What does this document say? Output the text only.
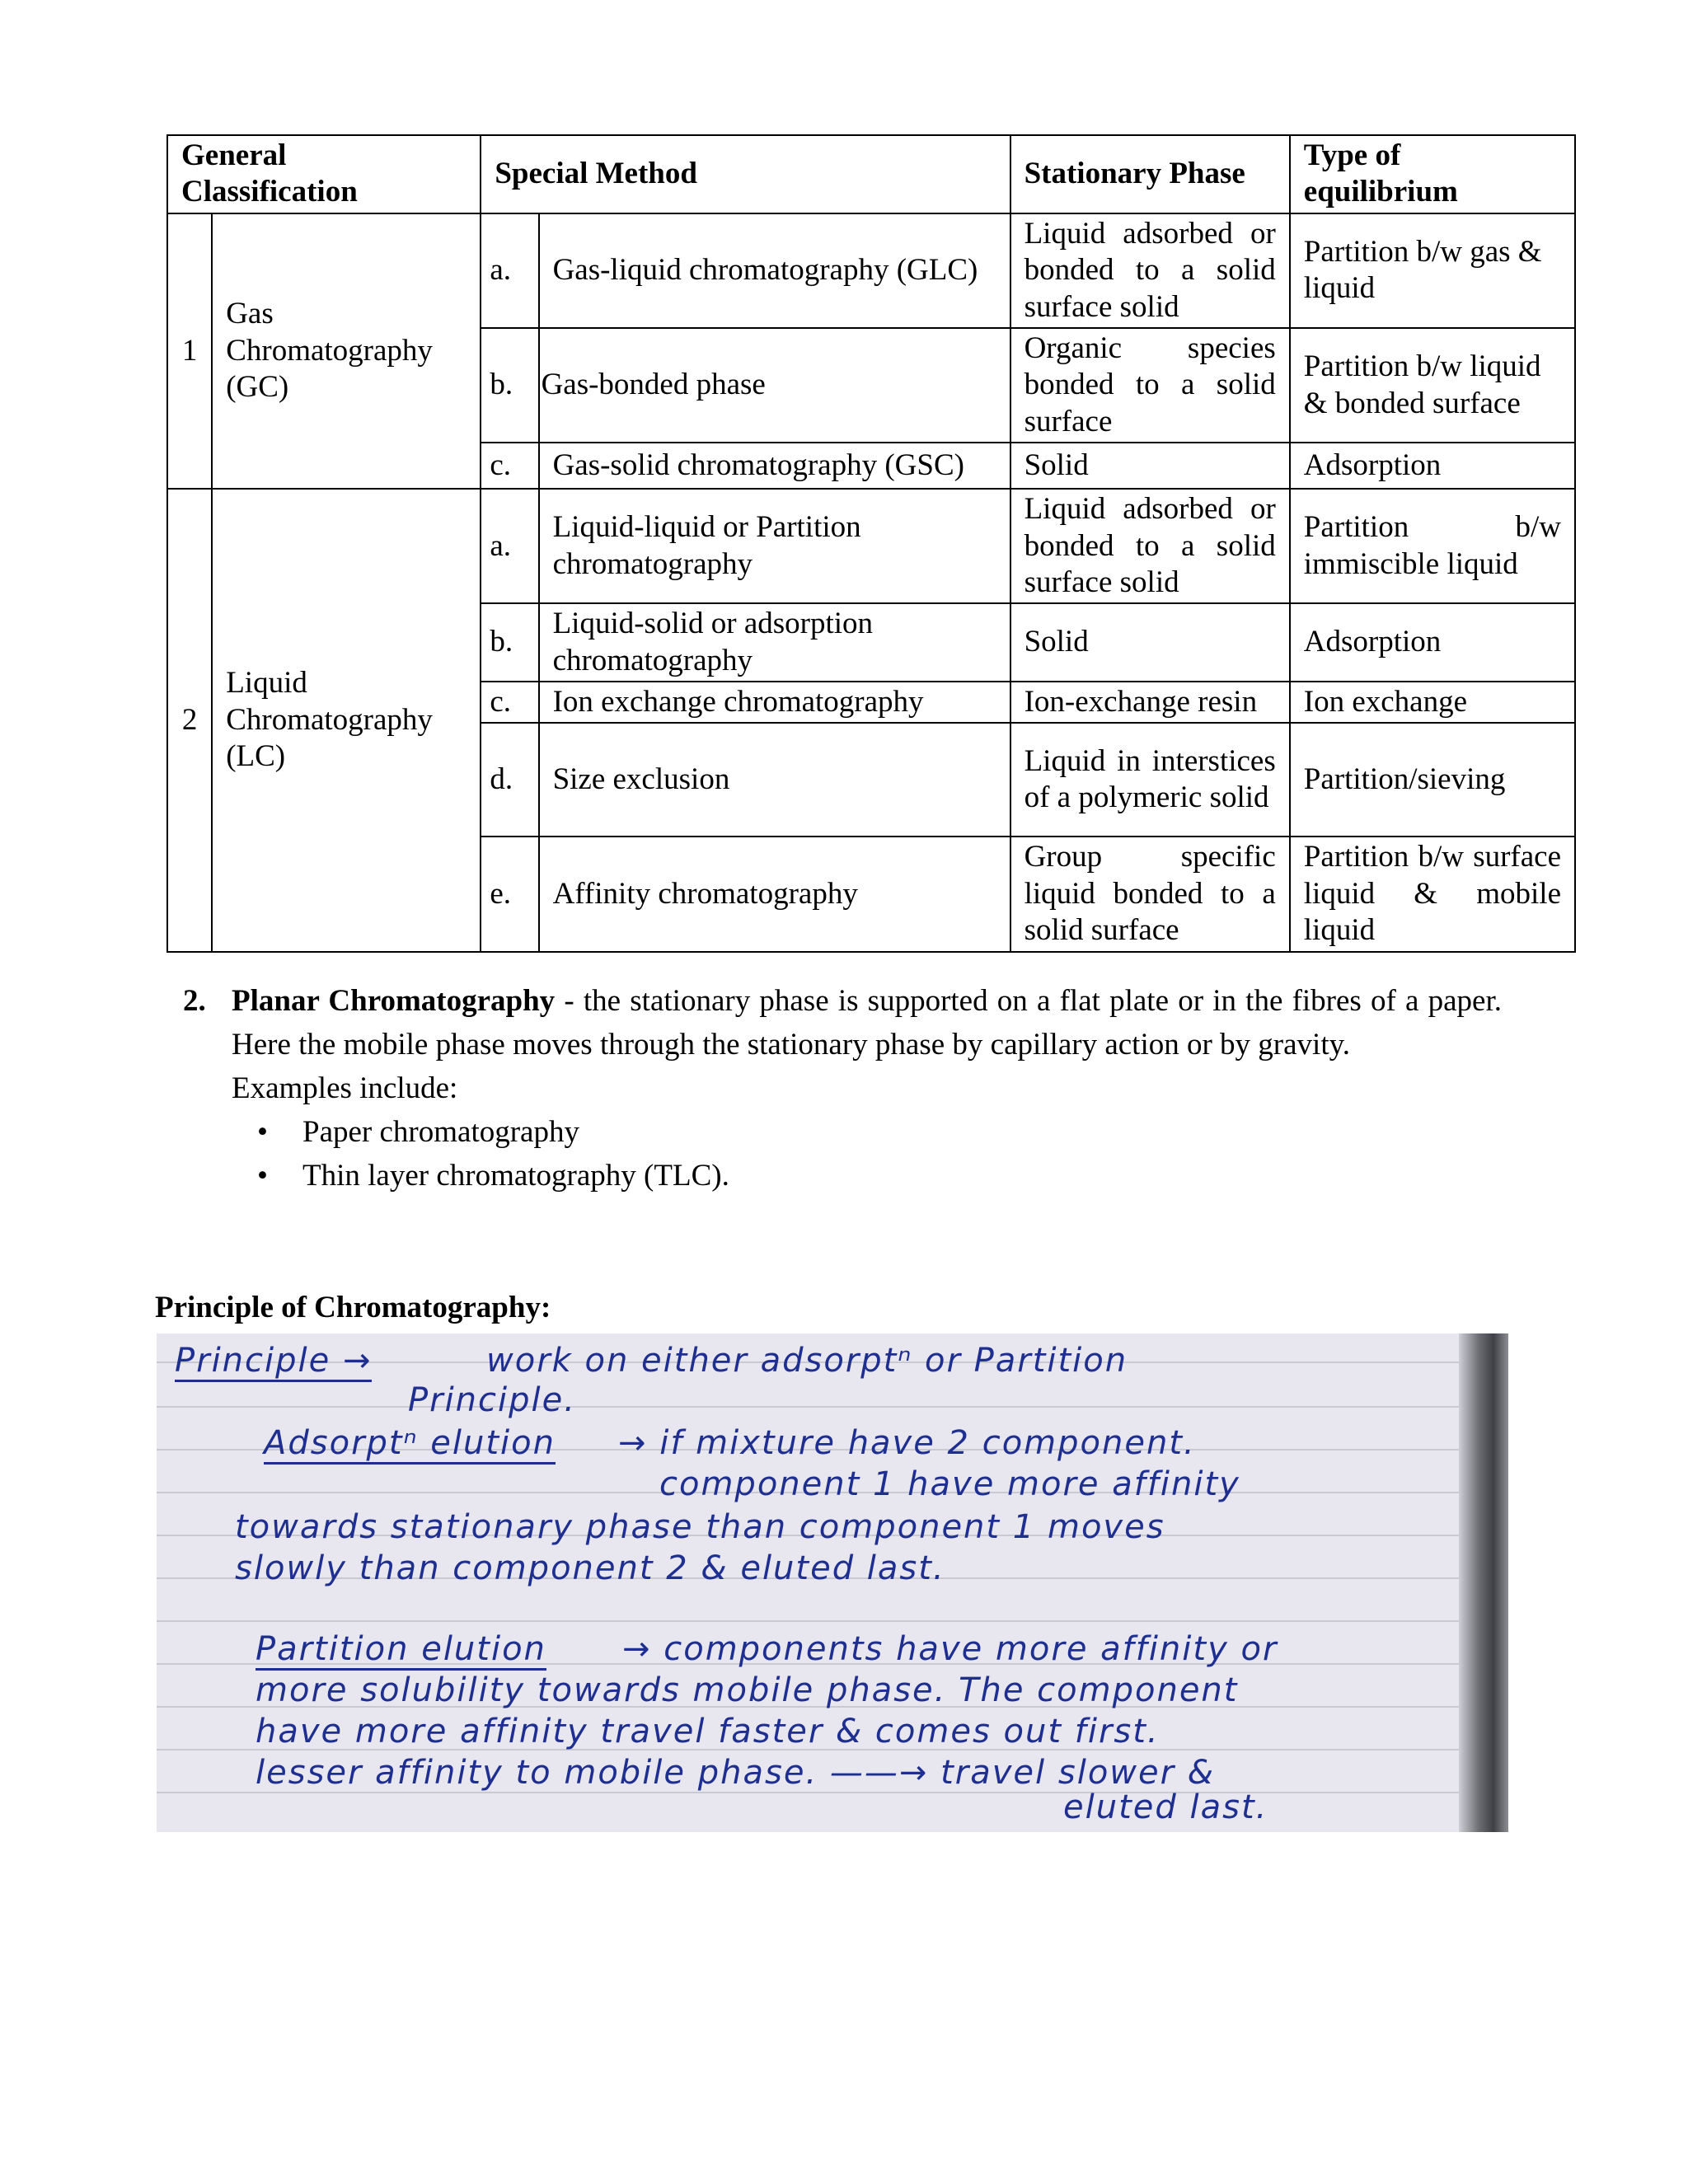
General Classification		Special Method		Stationary Phase	Type of equilibrium
1	Gas Chromatography (GC)	a.	Gas-liquid chromatography (GLC)	Liquid adsorbed or bonded to a solid surface solid	Partition b/w gas & liquid
		b.	Gas-bonded phase	Organic species bonded to a solid surface	Partition b/w liquid & bonded surface
		c.	Gas-solid chromatography (GSC)	Solid	Adsorption
2	Liquid Chromatography (LC)	a.	Liquid-liquid or Partition chromatography	Liquid adsorbed or bonded to a solid surface solid	Partition b/w immiscible liquid
		b.	Liquid-solid or adsorption chromatography	Solid	Adsorption
		c.	Ion exchange chromatography	Ion-exchange resin	Ion exchange
		d.	Size exclusion	Liquid in interstices of a polymeric solid	Partition/sieving
		e.	Affinity chromatography	Group specific liquid bonded to a solid surface	Partition b/w surface liquid & mobile liquid
2. Planar Chromatography - the stationary phase is supported on a flat plate or in the fibres of a paper. Here the mobile phase moves through the stationary phase by capillary action or by gravity.
Examples include:
• Paper chromatography
• Thin layer chromatography (TLC).
Principle of Chromatography:
Principle →	work on either adsorptⁿ or Partition
Principle.
Adsorptⁿ elution → if mixture have 2 component.
component 1 have more affinity
towards stationary phase than component 1 moves
slowly than component 2 & eluted last.
Partition elution → components have more affinity or
more solubility towards mobile phase. The component
have more affinity travel faster & comes out first.
lesser affinity to mobile phase. ——→ travel slower &
eluted last.
